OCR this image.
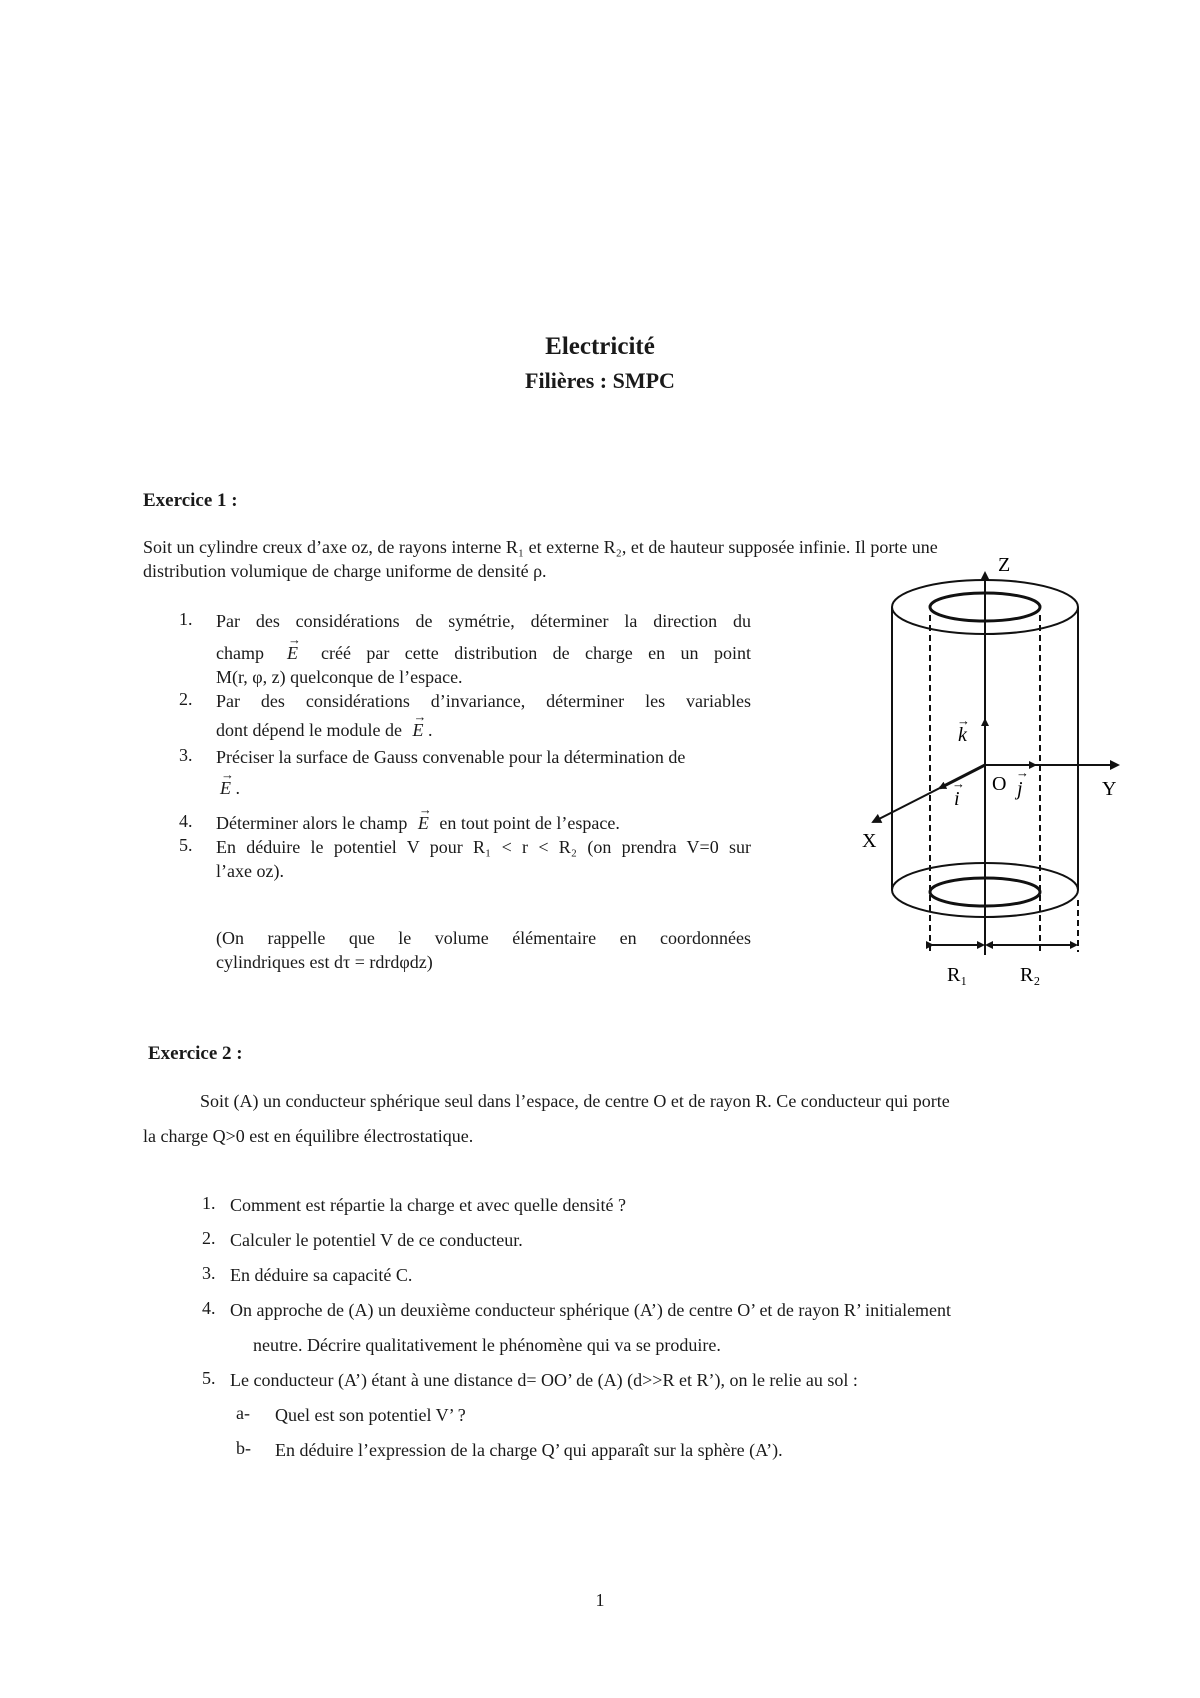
Electricité
Filières : SMPC
Exercice 1 :
Soit un cylindre creux d’axe oz, de rayons interne R₁ et externe R₂, et de hauteur supposée infinie. Il porte une
distribution volumique de charge uniforme de densité ρ.
1. Par des considérations de symétrie, déterminer la direction du
champ → E créé par cette distribution de charge en un point
M(r, φ, z) quelconque de l’espace.
2. Par des considérations d’invariance, déterminer les variables
dont dépend le module de → E .
3. Préciser la surface de Gauss convenable pour la détermination de
→ E .
4. Déterminer alors le champ → E en tout point de l’espace.
5. En déduire le potentiel V pour R₁ < r < R₂ (on prendra V=0 sur
l’axe oz).
(On rappelle que le volume élémentaire en coordonnées
cylindriques est dτ = rdrdφdz)
Z
Y
X
k
→
O j
→
i
→
R₁	R₂
Exercice 2 :
Soit (A) un conducteur sphérique seul dans l’espace, de centre O et de rayon R. Ce conducteur qui porte
la charge Q>0 est en équilibre électrostatique.
1. Comment est répartie la charge et avec quelle densité ?
2. Calculer le potentiel V de ce conducteur.
3. En déduire sa capacité C.
4. On approche de (A) un deuxième conducteur sphérique (A’) de centre O’ et de rayon R’ initialement
neutre. Décrire qualitativement le phénomène qui va se produire.
5. Le conducteur (A’) étant à une distance d= OO’ de (A) (d>>R et R’), on le relie au sol :
a- Quel est son potentiel V’ ?
b- En déduire l’expression de la charge Q’ qui apparaît sur la sphère (A’).
1
